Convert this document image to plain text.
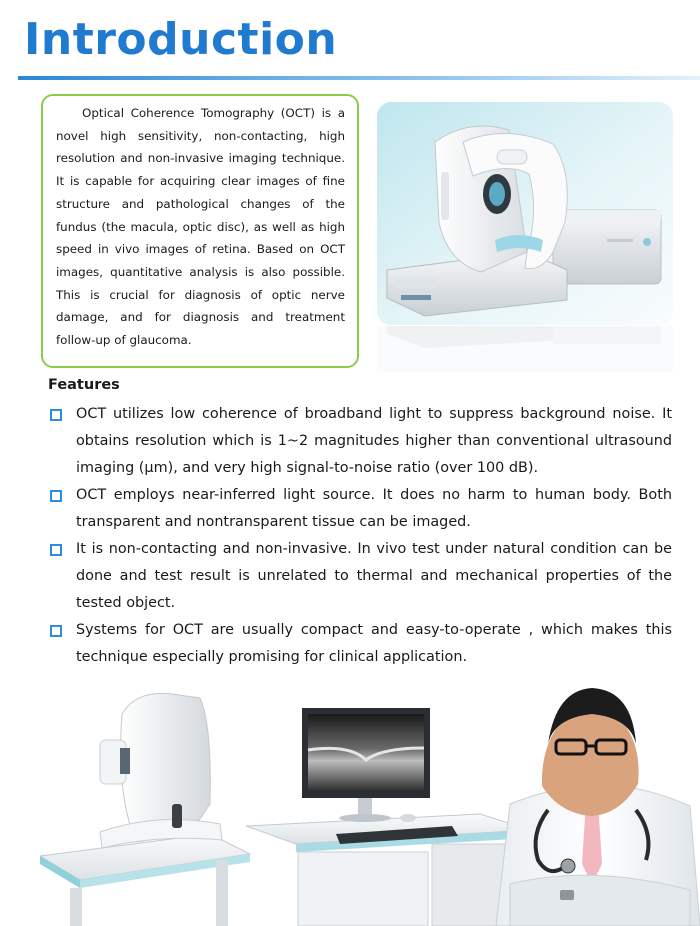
Introduction

Optical Coherence Tomography (OCT) is a novel high sensitivity, non-contacting, high resolution and non-invasive imaging technique. It is capable for acquiring clear images of fine structure and pathological changes of the fundus (the macula, optic disc), as well as high speed in vivo images of retina. Based on OCT images, quantitative analysis is also possible. This is crucial for diagnosis of optic nerve damage, and for diagnosis and treatment follow-up of glaucoma.

Features
OCT utilizes low coherence of broadband light to suppress background noise. It obtains resolution which is 1~2 magnitudes higher than conventional ultrasound imaging (μm), and very high signal-to-noise ratio (over 100 dB).
OCT employs near-inferred light source. It does no harm to human body. Both transparent and nontransparent tissue can be imaged.
It is non-contacting and non-invasive. In vivo test under natural condition can be done and test result is unrelated to thermal and mechanical properties of the tested object.
Systems for OCT are usually compact and easy-to-operate , which makes this technique especially promising for clinical application.
